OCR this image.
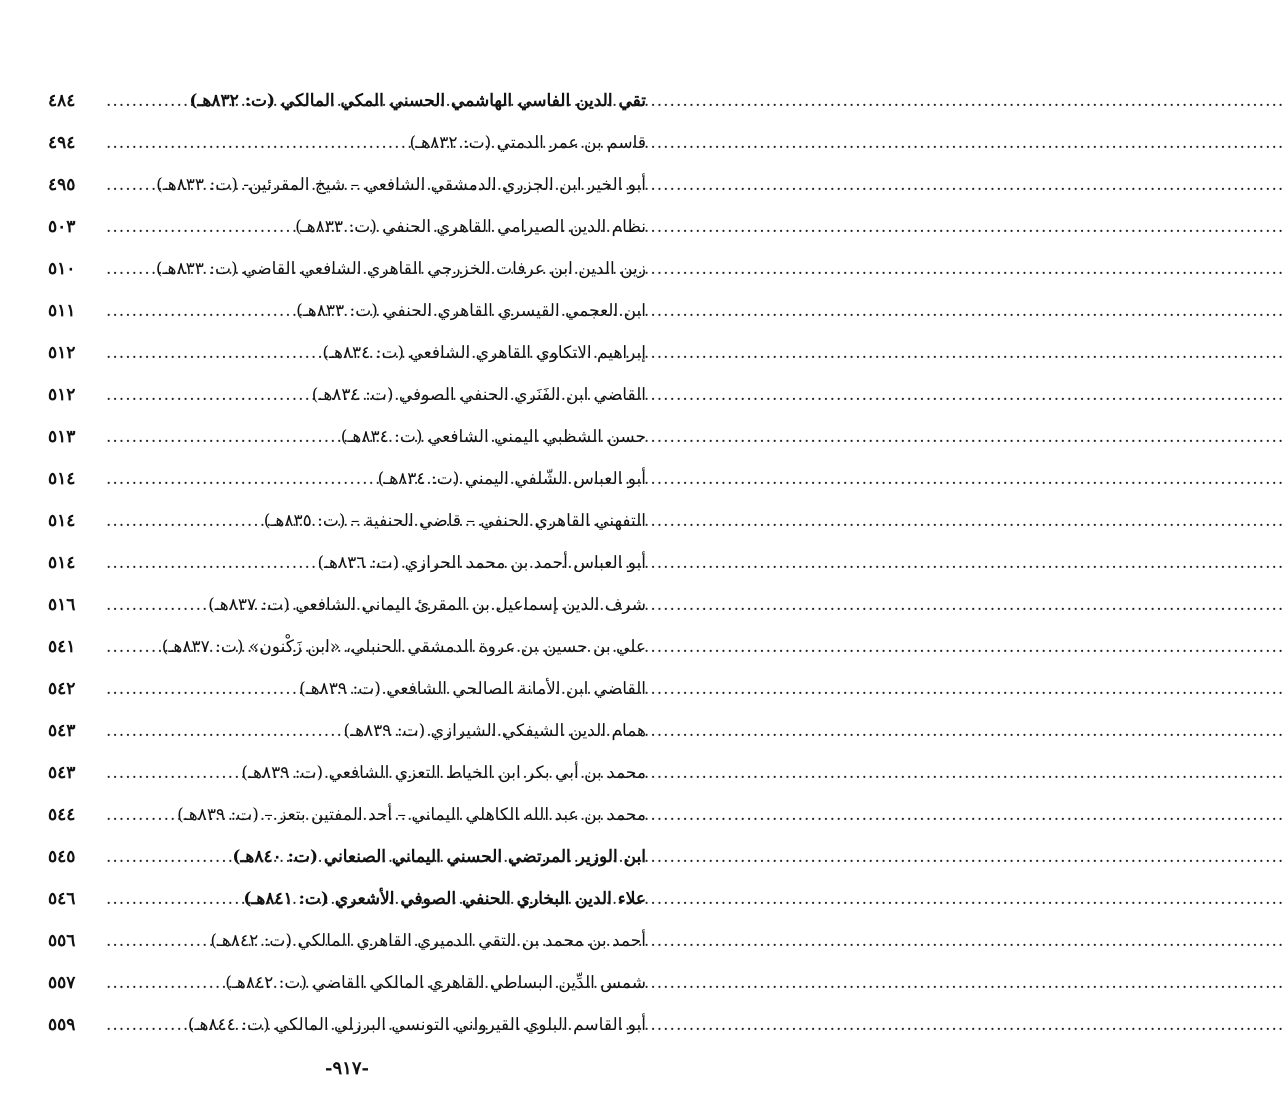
تقي الدين الفاسي الهاشمي الحسني المكي المالكي (ت: ٨٣٢هـ)
.....
٤٨٤
قاسم بن عمر الدمتي (ت: ٨٣٢هـ)
.....
٤٩٤
أبو الخير ابن الجزري الدمشقي الشافعي – شيخ المقرئين- (ت: ٨٣٣هـ)
.....
٤٩٥
نظام الدين الصيرامي القاهري الحنفي (ت: ٨٣٣هـ)
.....
٥٠٣
زين الدين ابن عرفات الخزرجي القاهري الشافعي القاضي (ت: ٨٣٣هـ)
.....
٥١٠
ابن العجمي القيسري القاهري الحنفي (ت: ٨٣٣هـ)
.....
٥١١
إبراهيم الاتكاوي القاهري الشافعي (ت: ٨٣٤هـ)
.....
٥١٢
القاضي ابن الفَنَري الحنفي الصوفي (ت: ٨٣٤هـ)
.....
٥١٢
حسن الشظبي اليمني الشافعي (ت: ٨٣٤هـ)
.....
٥١٣
أبو العباس الشّلفي اليمني (ت: ٨٣٤هـ)
.....
٥١٤
التفهني القاهري الحنفي – قاضي الحنفية – (ت: ٨٣٥هـ)
.....
٥١٤
أبو العباس أحمد بن محمد الحرازي (ت: ٨٣٦هـ)
.....
٥١٤
شرف الدين إسماعيل بن المقرئ اليماني الشافعي (ت: ٨٣٧هـ)
.....
٥١٦
علي بن حسين بن عروة الدمشقي الحنبلي، «ابن زَكْنون» (ت: ٨٣٧هـ)
.....
٥٤١
القاضي ابن الأمانة الصالحي الشافعي (ت: ٨٣٩هـ)
.....
٥٤٢
همام الدين الشيفكي الشيرازي (ت: ٨٣٩هـ)
.....
٥٤٣
محمد بن أبي بكر ابن الخياط التعزي الشافعي (ت: ٨٣٩هـ)
.....
٥٤٣
محمد بن عبد الله الكاهلي اليماني – أحد المفتين بتعز – (ت: ٨٣٩هـ)
.....
٥٤٤
ابن الوزير المرتضي الحسني اليماني الصنعاني (ت: ٨٤٠هـ)
.....
٥٤٥
علاء الدين البخاري الحنفي الصوفي الأشعري (ت: ٨٤١هـ)
.....
٥٤٦
أحمد بن محمد بن التقي الدميري القاهري المالكي (ت: ٨٤٢هـ)
.....
٥٥٦
شمس الدِّين البساطي القاهري المالكي القاضي (ت: ٨٤٢هـ)
.....
٥٥٧
أبو القاسم البلوي القيرواني التونسي البرزلي المالكي (ت: ٨٤٤هـ)
.....
٥٥٩
-٩١٧-
